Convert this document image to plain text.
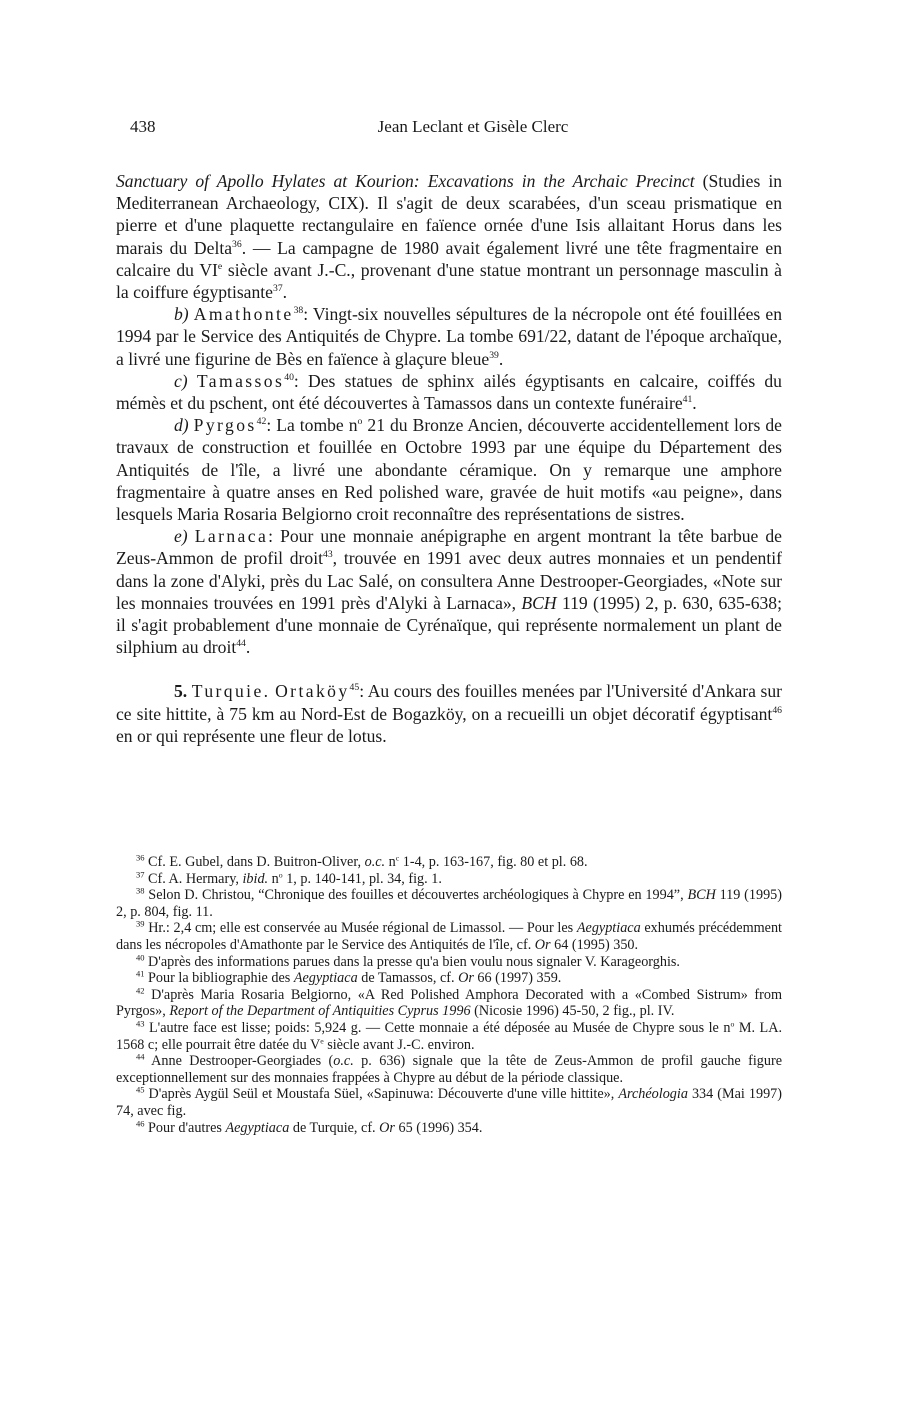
438	Jean Leclant et Gisèle Clerc

Sanctuary of Apollo Hylates at Kourion: Excavations in the Archaic Precinct (Studies in Mediterranean Archaeology, CIX). Il s'agit de deux scarabées, d'un sceau prismatique en pierre et d'une plaquette rectangulaire en faïence ornée d'une Isis allaitant Horus dans les marais du Delta$^{36}$. — La campagne de 1980 avait également livré une tête fragmentaire en calcaire du VIe siècle avant J.-C., provenant d'une statue montrant un personnage masculin à la coiffure égyptisante$^{37}$.

b) Amathonte$^{38}$: Vingt-six nouvelles sépultures de la nécropole ont été fouillées en 1994 par le Service des Antiquités de Chypre. La tombe 691/22, datant de l'époque archaïque, a livré une figurine de Bès en faïence à glaçure bleue$^{39}$.

c) Tamassos$^{40}$: Des statues de sphinx ailés égyptisants en calcaire, coiffés du mémès et du pschent, ont été découvertes à Tamassos dans un contexte funéraire$^{41}$.

d) Pyrgos$^{42}$: La tombe $n^o$ 21 du Bronze Ancien, découverte accidentellement lors de travaux de construction et fouillée en Octobre 1993 par une équipe du Département des Antiquités de l'île, a livré une abondante céramique. On y remarque une amphore fragmentaire à quatre anses en Red polished ware, gravée de huit motifs «au peigne», dans lesquels Maria Rosaria Belgiorno croit reconnaître des représentations de sistres.

e) Larnaca: Pour une monnaie anépigraphe en argent montrant la tête barbue de Zeus-Ammon de profil droit$^{43}$, trouvée en 1991 avec deux autres monnaies et un pendentif dans la zone d'Alyki, près du Lac Salé, on consultera Anne Destrooper-Georgiades, «Note sur les monnaies trouvées en 1991 près d'Alyki à Larnaca», BCH 119 (1995) 2, p. 630, 635-638; il s'agit probablement d'une monnaie de Cyrénaïque, qui représente normalement un plant de silphium au droit$^{44}$.

5. Turquie. Ortaköy$^{45}$: Au cours des fouilles menées par l'Université d'Ankara sur ce site hittite, à 75 km au Nord-Est de Bogazköy, on a recueilli un objet décoratif égyptisant$^{46}$ en or qui représente une fleur de lotus.

$^{36}$ Cf. E. Gubel, dans D. Buitron-Oliver, o.c. $n^c$ 1-4, p. 163-167, fig. 80 et pl. 68.

$^{37}$ Cf. A. Hermary, ibid. $n^o$ 1, p. 140-141, pl. 34, fig. 1.

$^{38}$ Selon D. Christou, “Chronique des fouilles et découvertes archéologiques à Chypre en 1994”, BCH 119 (1995) 2, p. 804, fig. 11.

$^{39}$ Hr.: 2,4 cm; elle est conservée au Musée régional de Limassol. — Pour les Aegyptiaca exhumés précédemment dans les nécropoles d'Amathonte par le Service des Antiquités de l'île, cf. Or 64 (1995) 350.

$^{40}$ D'après des informations parues dans la presse qu'a bien voulu nous signaler V. Karageorghis.

$^{41}$ Pour la bibliographie des Aegyptiaca de Tamassos, cf. Or 66 (1997) 359.

$^{42}$ D'après Maria Rosaria Belgiorno, «A Red Polished Amphora Decorated with a «Combed Sistrum» from Pyrgos», Report of the Department of Antiquities Cyprus 1996 (Nicosie 1996) 45-50, 2 fig., pl. IV.

$^{43}$ L'autre face est lisse; poids: 5,924 g. — Cette monnaie a été déposée au Musée de Chypre sous le $n^o$ M. LA. 1568 c; elle pourrait être datée du Ve siècle avant J.-C. environ.

$^{44}$ Anne Destrooper-Georgiades (o.c. p. 636) signale que la tête de Zeus-Ammon de profil gauche figure exceptionnellement sur des monnaies frappées à Chypre au début de la période classique.

$^{45}$ D'après Aygül Seül et Moustafa Süel, «Sapinuwa: Découverte d'une ville hittite», Archéologia 334 (Mai 1997) 74, avec fig.

$^{46}$ Pour d'autres Aegyptiaca de Turquie, cf. Or 65 (1996) 354.
